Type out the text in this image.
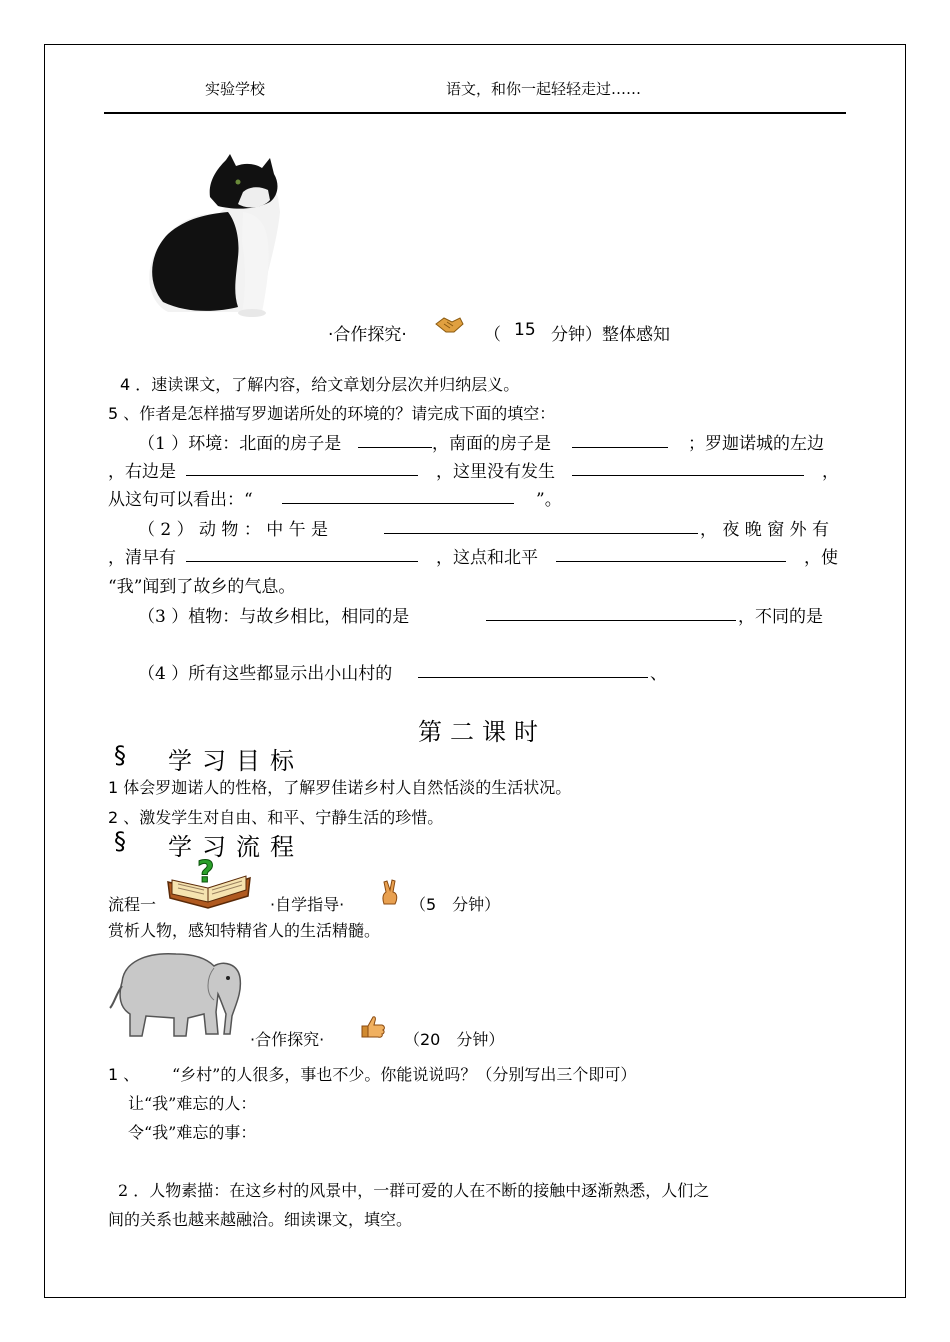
实验学校	语文，和你一起轻轻走过……
·合作探究·	（ 15 分钟）整体感知
4 ．速读课文，了解内容，给文章划分层次并归纳层义。
5 、作者是怎样描写罗迦诺所处的环境的？请完成下面的填空：
（1 ）环境：北面的房子是	，南面的房子是	；罗迦诺城的左边
，右边是	，这里没有发生	，
从这句可以看出：“	”。
（ 2 ） 动 物 ： 中 午 是	， 夜 晚 窗 外 有
，清早有	，这点和北平	，使
“我”闻到了故乡的气息。
（3 ）植物：与故乡相比，相同的是	，不同的是
（4 ）所有这些都显示出小山村的	、
第二课时
§ 学习目标
1 体会罗迦诺人的性格，了解罗佳诺乡村人自然恬淡的生活状况。
2 、激发学生对自由、和平、宁静生活的珍惜。
§ 学习流程
流程一
?
·自学指导·	（5　分钟）
赏析人物，感知特精省人的生活精髓。
·合作探究·	（20　分钟）
1 、 “乡村”的人很多，事也不少。你能说说吗？（分别写出三个即可）
让“我”难忘的人：
令“我”难忘的事：
2 ．人物素描：在这乡村的风景中，一群可爱的人在不断的接触中逐渐熟悉，人们之
间的关系也越来越融洽。细读课文，填空。
